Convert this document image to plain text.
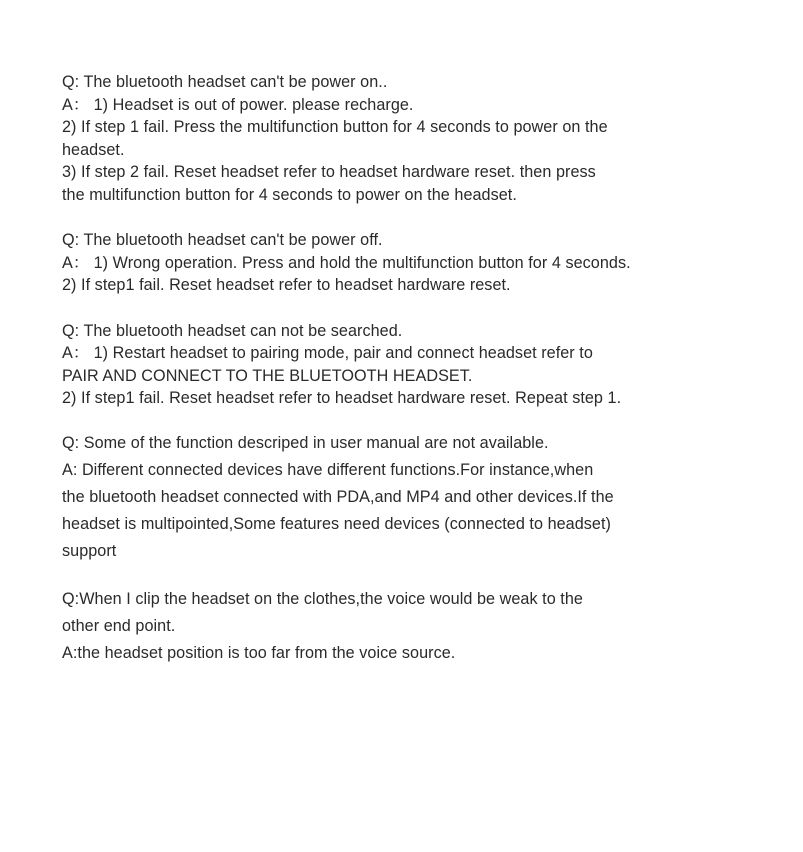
Q: The bluetooth headset can't be power on..
A： 1) Headset is out of power. please recharge.
2) If step 1 fail. Press the multifunction button for 4 seconds to power on the
headset.
3) If step 2 fail. Reset headset refer to headset hardware reset. then press
the multifunction button for 4 seconds to power on the headset.
Q: The bluetooth headset can't be power off.
A： 1) Wrong operation. Press and hold the multifunction button for 4 seconds.
2) If step1 fail. Reset headset refer to headset hardware reset.
Q: The bluetooth headset can not be searched.
A： 1) Restart headset to pairing mode, pair and connect headset refer to
PAIR AND CONNECT TO THE BLUETOOTH HEADSET.
2) If step1 fail. Reset headset refer to headset hardware reset. Repeat step 1.
Q: Some of the function descriped in user manual are not available.
A: Different connected devices have different functions.For instance,when
the bluetooth headset connected with PDA,and MP4 and other devices.If the
headset is multipointed,Some features need devices (connected to headset)
support
Q:When I clip the headset on the clothes,the voice would be weak to the
other end point.
A:the headset position is too far from the voice source.
